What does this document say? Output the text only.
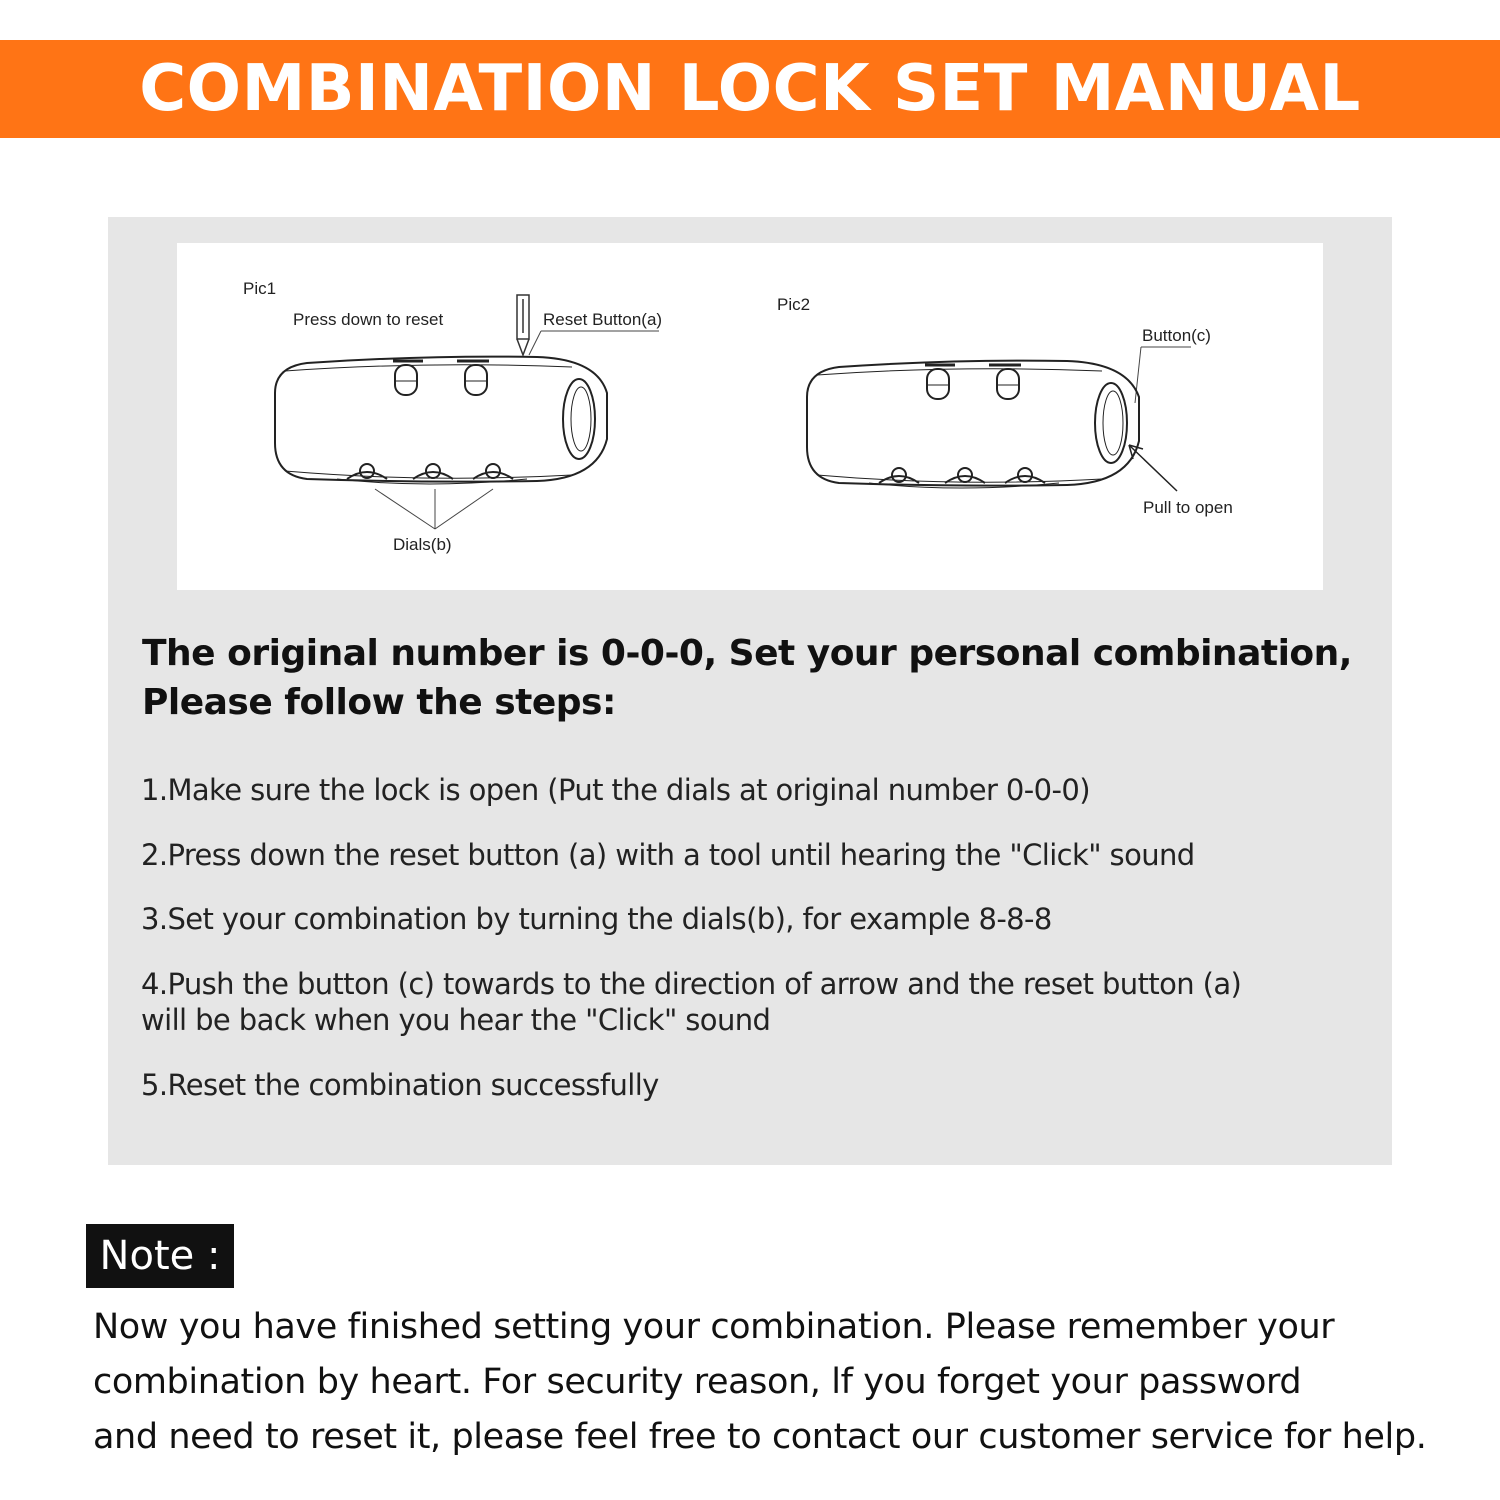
COMBINATION LOCK SET MANUAL
Pic1
Press down to reset	Reset Button(a)
Dials(b)
Pic2
Button(c)
Pull to open
The original number is 0-0-0, Set your personal combination,
Please follow the steps:
1.Make sure the lock is open (Put the dials at original number 0-0-0)
2.Press down the reset button (a) with a tool until hearing the "Click" sound
3.Set your combination by turning the dials(b), for example 8-8-8
4.Push the button (c) towards to the direction of arrow and the reset button (a)
will be back when you hear the "Click" sound
5.Reset the combination successfully
Note :

Now you have finished setting your combination. Please remember your
combination by heart. For security reason, lf you forget your password
and need to reset it, please feel free to contact our customer service for help.
